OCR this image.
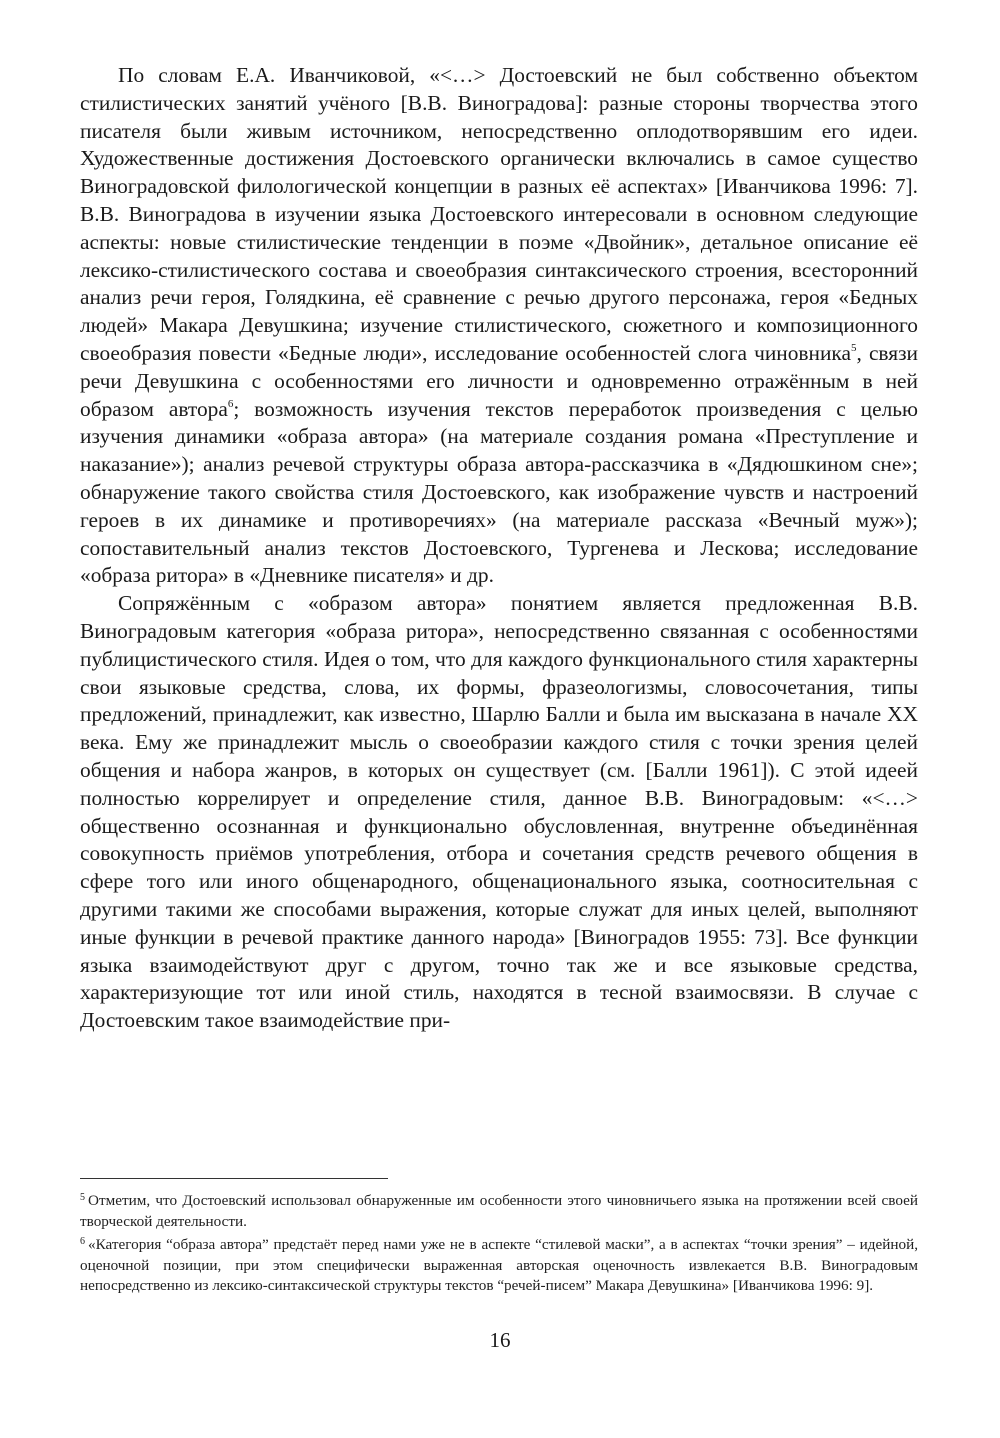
По словам Е.А. Иванчиковой, «<…> Достоевский не был собственно объектом стилистических занятий учёного [В.В. Виноградова]: разные стороны творчества этого писателя были живым источником, непосредственно оплодотворявшим его идеи. Художественные достижения Достоевского органически включались в самое существо Виноградовской филологической концепции в разных её аспектах» [Иванчикова 1996: 7]. В.В. Виноградова в изучении языка Достоевского интересовали в основном следующие аспекты: новые стилистические тенденции в поэме «Двойник», детальное описание её лексико-стилистического состава и своеобразия синтаксического строения, всесторонний анализ речи героя, Голядкина, её сравнение с речью другого персонажа, героя «Бедных людей» Макара Девушкина; изучение стилистического, сюжетного и композиционного своеобразия повести «Бедные люди», исследование особенностей слога чиновника$^5$, связи речи Девушкина с особенностями его личности и одновременно отражённым в ней образом автора$^6$; возможность изучения текстов переработок произведения с целью изучения динамики «образа автора» (на материале создания романа «Преступление и наказание»); анализ речевой структуры образа автора-рассказчика в «Дядюшкином сне»; обнаружение такого свойства стиля Достоевского, как изображение чувств и настроений героев в их динамике и противоречиях» (на материале рассказа «Вечный муж»); сопоставительный анализ текстов Достоевского, Тургенева и Лескова; исследование «образа ритора» в «Дневнике писателя» и др.

Сопряжённым с «образом автора» понятием является предложенная В.В. Виноградовым категория «образа ритора», непосредственно связанная с особенностями публицистического стиля. Идея о том, что для каждого функционального стиля характерны свои языковые средства, слова, их формы, фразеологизмы, словосочетания, типы предложений, принадлежит, как известно, Шарлю Балли и была им высказана в начале XX века. Ему же принадлежит мысль о своеобразии каждого стиля с точки зрения целей общения и набора жанров, в которых он существует (см. [Балли 1961]). С этой идеей полностью коррелирует и определение стиля, данное В.В. Виноградовым: «<…> общественно осознанная и функционально обусловленная, внутренне объединённая совокупность приёмов употребления, отбора и сочетания средств речевого общения в сфере того или иного общенародного, общенационального языка, соотносительная с другими такими же способами выражения, которые служат для иных целей, выполняют иные функции в речевой практике данного народа» [Виноградов 1955: 73]. Все функции языка взаимодействуют друг с другом, точно так же и все языковые средства, характеризующие тот или иной стиль, находятся в тесной взаимосвязи. В случае с Достоевским такое взаимодействие при-

$^5$ Отметим, что Достоевский использовал обнаруженные им особенности этого чиновничьего языка на протяжении всей своей творческой деятельности.

$^6$ «Категория “образа автора” предстаёт перед нами уже не в аспекте “стилевой маски”, а в аспектах “точки зрения” – идейной, оценочной позиции, при этом специфически выраженная авторская оценочность извлекается В.В. Виноградовым непосредственно из лексико-синтаксической структуры текстов “речей-писем” Макара Девушкина» [Иванчикова 1996: 9].

16
